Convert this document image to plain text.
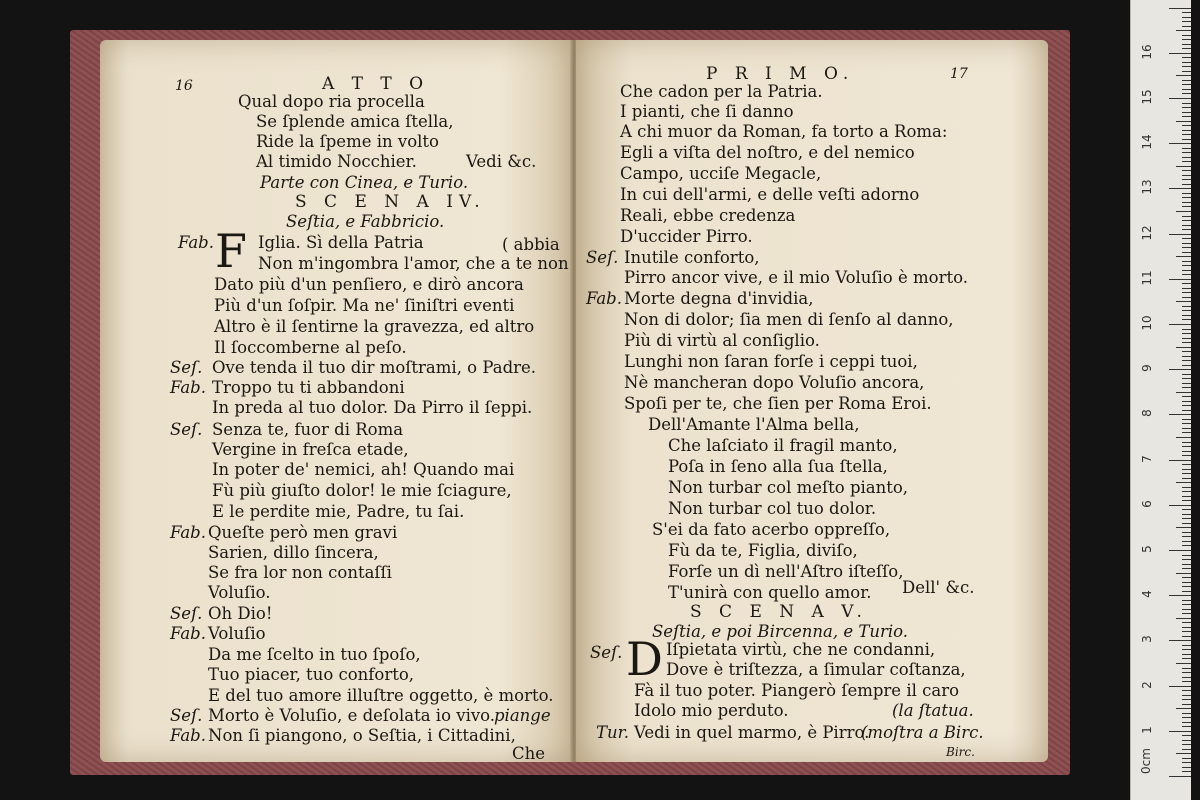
16	A T T O
Qual dopo ria procella
Se ſplende amica ſtella,
Ride la ſpeme in volto
Al timido Nocchier.	Vedi &c.
Parte con Cinea, e Turio.
S C E N A IV.
Seſtia, e Fabbricio.
Fab. F Iglia. Sì della Patria	( abbia
Non m'ingombra l'amor, che a te non
Dato più d'un penſiero, e dirò ancora
Più d'un ſoſpir. Ma ne' ſiniſtri eventi
Altro è il ſentirne la gravezza, ed altro
Il ſoccomberne al peſo.
Seſ. Ove tenda il tuo dir moſtrami, o Padre.
Fab. Troppo tu ti abbandoni
In preda al tuo dolor. Da Pirro il ſeppi.
Seſ. Senza te, fuor di Roma
Vergine in freſca etade,
In poter de' nemici, ah! Quando mai
Fù più giuſto dolor! le mie ſciagure,
E le perdite mie, Padre, tu ſai.
Fab. Queſte però men gravi
Sarien, dillo ſincera,
Se fra lor non contaſſi
Voluſio.
Seſ. Oh Dio!
Fab. Voluſio
Da me ſcelto in tuo ſpoſo,
Tuo piacer, tuo conforto,
E del tuo amore illuſtre oggetto, è morto.
Seſ. Morto è Voluſio, e deſolata io vivo.
piange
Fab. Non ſi piangono, o Seſtia, i Cittadini,
Che
P R I M O.	17
Che cadon per la Patria.
I pianti, che ſi danno
A chi muor da Roman, fa torto a Roma:
Egli a viſta del noſtro, e del nemico
Campo, ucciſe Megacle,
In cui dell'armi, e delle veſti adorno
Reali, ebbe credenza
D'uccider Pirro.
Seſ. Inutile conforto,
Pirro ancor vive, e il mio Voluſio è morto.
Fab. Morte degna d'invidia,
Non di dolor; ſia men di ſenſo al danno,
Più di virtù al conſiglio.
Lunghi non ſaran forſe i ceppi tuoi,
Nè mancheran dopo Voluſio ancora,
Spoſi per te, che ſien per Roma Eroi.
Dell'Amante l'Alma bella,
Che laſciato il fragil manto,
Poſa in ſeno alla ſua ſtella,
Non turbar col meſto pianto,
Non turbar col tuo dolor.
S'ei da fato acerbo oppreſſo,
Fù da te, Figlia, diviſo,
Forſe un dì nell'Aſtro iſteſſo,
T'unirà con quello amor. Dell' &c.
S C E N A V.
Seſtia, e poi Bircenna, e Turio.
Seſ. D Iſpietata virtù, che ne condanni,
Dove è triſtezza, a ſimular coſtanza,
Fà il tuo poter. Piangerò ſempre il caro
Idolo mio perduto.	(la ſtatua.
Tur. Vedi in quel marmo, è Pirro.
(moſtra a Birc.
Birc.	0cm
1
2
3
4
5
6
7
8
9
10
11
12
13
14
15
16
